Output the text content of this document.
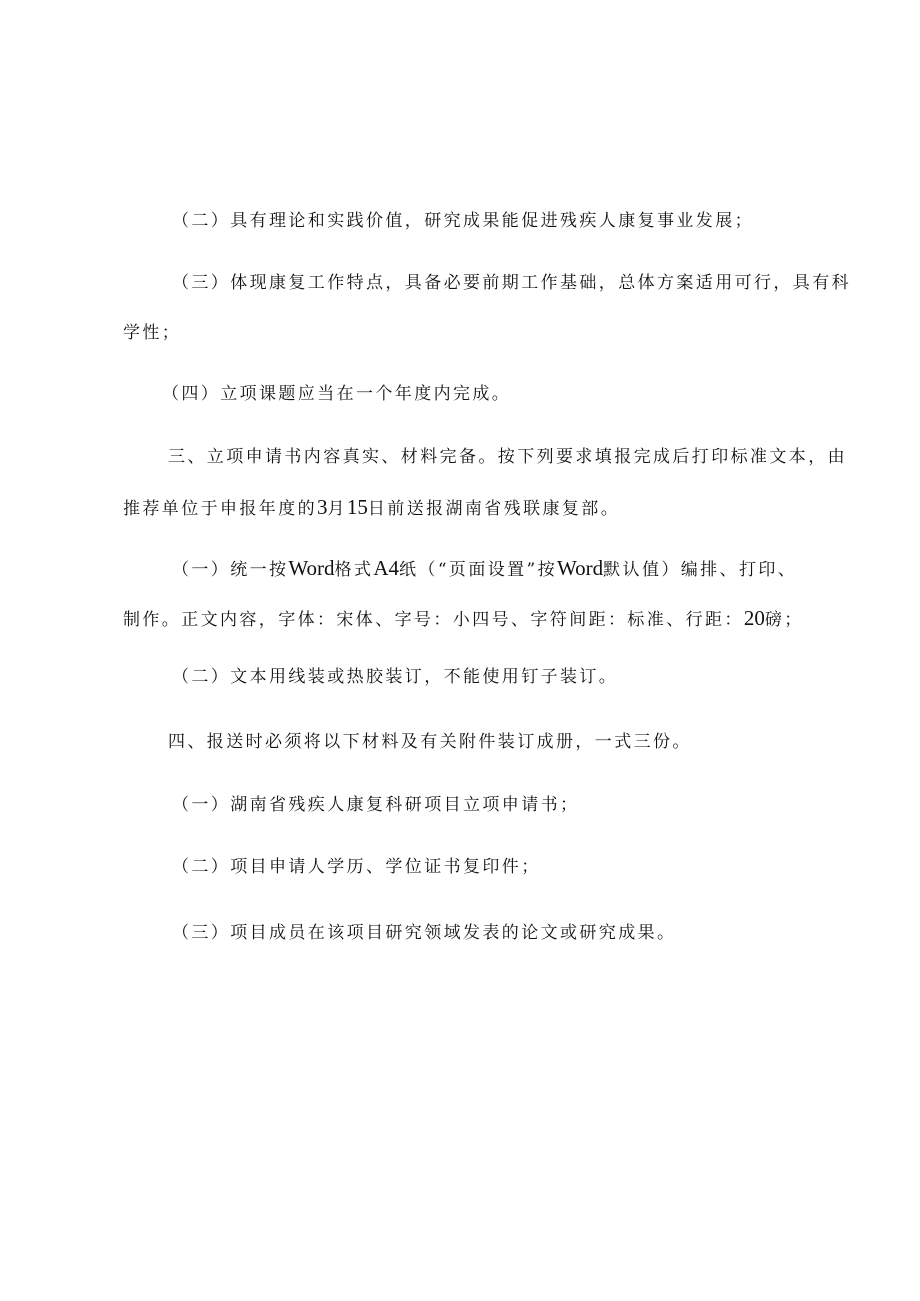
（二）具有理论和实践价值，研究成果能促进残疾人康复事业发展；

（三）体现康复工作特点，具备必要前期工作基础，总体方案适用可行，具有科

学性；

（四）立项课题应当在一个年度内完成。

三、立项申请书内容真实、材料完备。按下列要求填报完成后打印标准文本，由

推荐单位于申报年度的3月15日前送报湖南省残联康复部。

（一）统一按Word格式A4纸（“页面设置”按Word默认值）编排、打印、

制作。正文内容，字体：宋体、字号：小四号、字符间距：标准、行距：20磅；

（二）文本用线装或热胶装订，不能使用钉子装订。

四、报送时必须将以下材料及有关附件装订成册，一式三份。

（一）湖南省残疾人康复科研项目立项申请书；

（二）项目申请人学历、学位证书复印件；

（三）项目成员在该项目研究领域发表的论文或研究成果。
